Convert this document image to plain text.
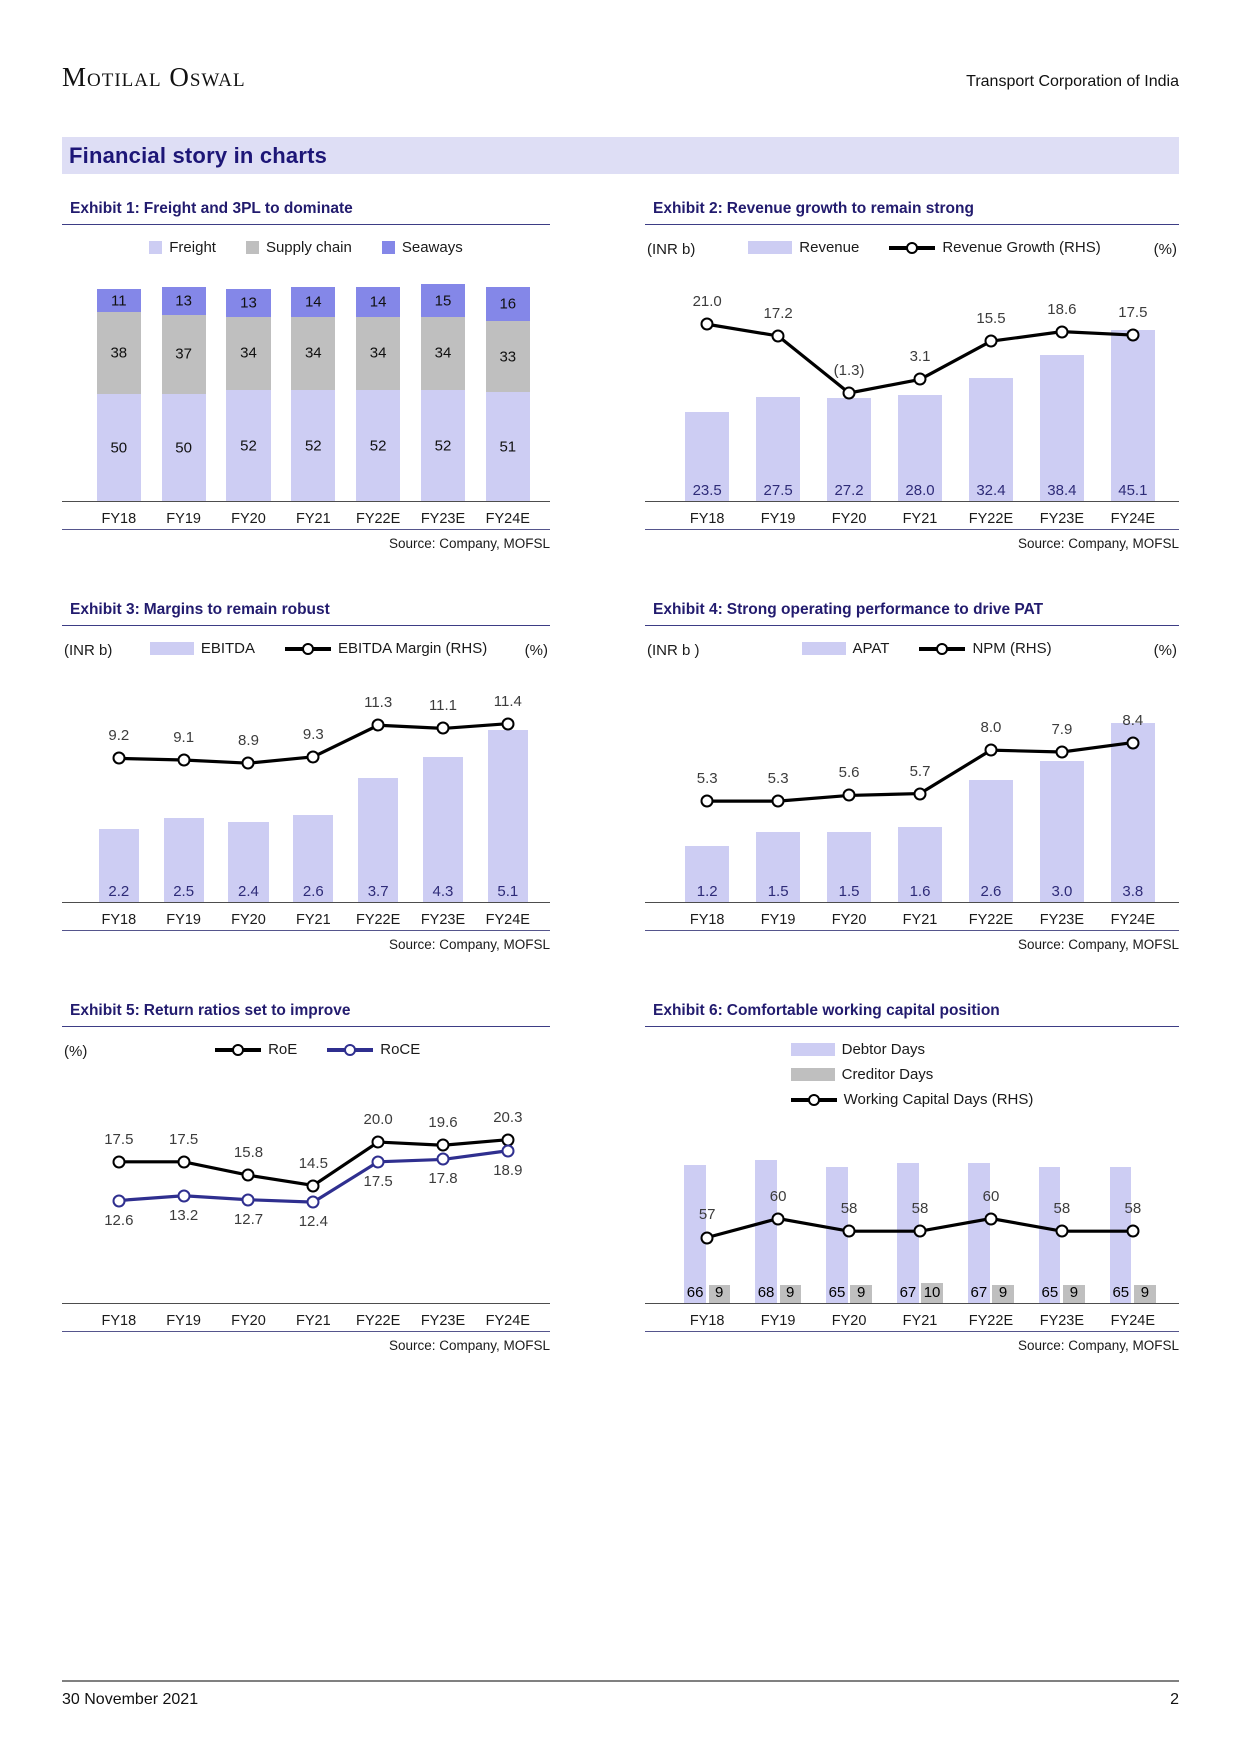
Motilal Oswal	Transport Corporation of India
Financial story in charts
Exhibit 1: Freight and 3PL to dominate
Freight	Supply chain	Seaways
50
38
11
50
37
13
52
34
13
52
34
14
52
34
14
52
34
15
51
33
16
FY18 FY19 FY20 FY21 FY22E FY23E FY24E
Source: Company, MOFSL
Exhibit 2: Revenue growth to remain strong
(INR b)	Revenue	Revenue Growth (RHS)	(%)
23.5	27.5	27.2	28.0	32.4	38.4	45.1
21.0
17.2
(1.3)
3.1
15.5
18.6	17.5
FY18	FY19	FY20	FY21 FY22E FY23E FY24E
Source: Company, MOFSL
Exhibit 3: Margins to remain robust
(INR b)	EBITDA	EBITDA Margin (RHS) (%)
2.2	2.5	2.4	2.6	3.7	4.3	5.1
9.2	9.1	8.9	9.3
11.3 11.1 11.4
FY18 FY19 FY20 FY21 FY22E FY23E FY24E
Source: Company, MOFSL
Exhibit 4: Strong operating performance to drive PAT
(INR b )	APAT	NPM (RHS)	(%)
1.2	1.5	1.5	1.6	2.6	3.0	3.8
5.3	5.3	5.6	5.7
8.0	7.9
8.4
FY18	FY19	FY20	FY21 FY22E FY23E FY24E
Source: Company, MOFSL
Exhibit 5: Return ratios set to improve
(%)	RoE	RoCE
17.5 17.5
15.8
14.5
20.0 19.6 20.3
12.6 13.2 12.7 12.4
17.5 17.8
18.9
FY18 FY19 FY20 FY21 FY22E FY23E FY24E
Source: Company, MOFSL
Exhibit 6: Comfortable working capital position
Debtor Days
Creditor Days
Working Capital Days (RHS)
66	68	65	67	67	65	65
9	9	9	10	9	9	9
57
60
58	58
60
58	58
FY18	FY19	FY20	FY21 FY22E FY23E FY24E
Source: Company, MOFSL
30 November 2021	2
